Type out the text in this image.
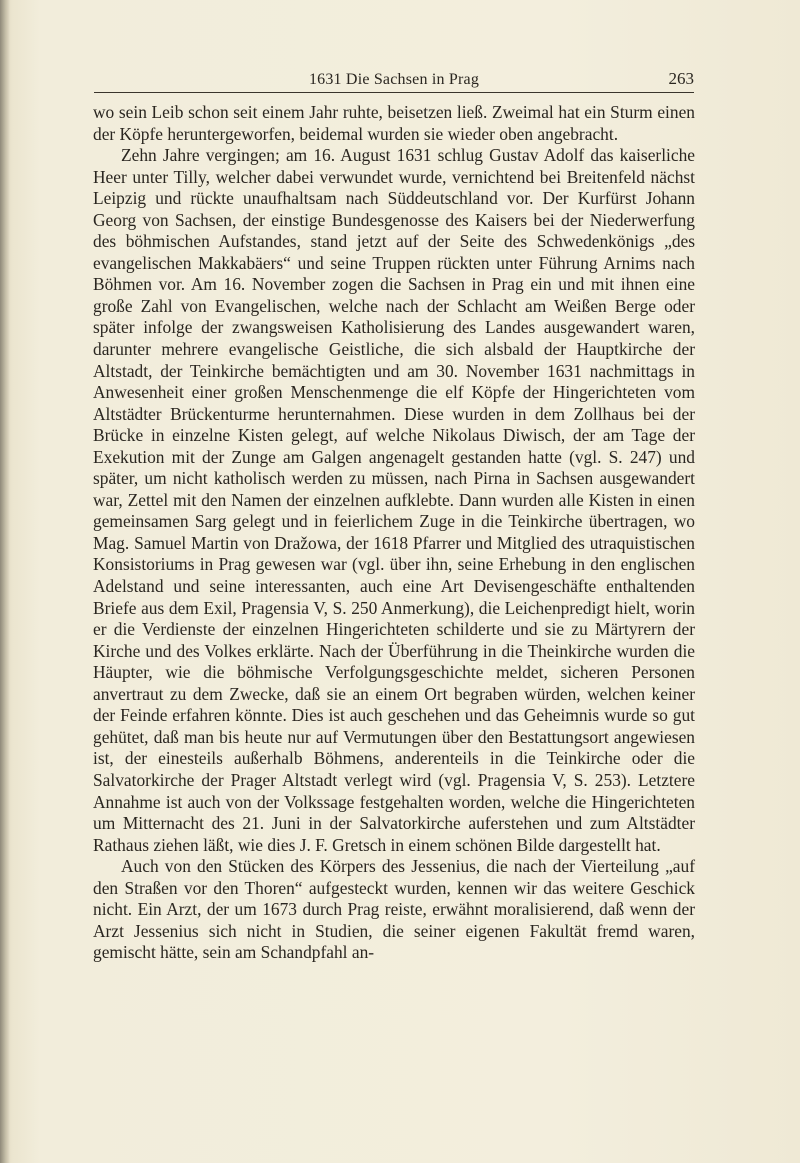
1631 Die Sachsen in Prag	263

wo sein Leib schon seit einem Jahr ruhte, beisetzen ließ. Zweimal hat ein Sturm einen der Köpfe heruntergeworfen, beidemal wurden sie wieder oben angebracht.

Zehn Jahre vergingen; am 16. August 1631 schlug Gustav Adolf das kaiserliche Heer unter Tilly, welcher dabei verwundet wurde, vernichtend bei Breitenfeld nächst Leipzig und rückte unaufhaltsam nach Süddeutschland vor. Der Kurfürst Johann Georg von Sachsen, der einstige Bundesgenosse des Kaisers bei der Niederwerfung des böhmischen Aufstandes, stand jetzt auf der Seite des Schwedenkönigs „des evangelischen Makkabäers“ und seine Truppen rückten unter Führung Arnims nach Böhmen vor. Am 16. November zogen die Sachsen in Prag ein und mit ihnen eine große Zahl von Evangelischen, welche nach der Schlacht am Weißen Berge oder später infolge der zwangsweisen Katholisierung des Landes ausgewandert waren, darunter mehrere evangelische Geistliche, die sich alsbald der Hauptkirche der Altstadt, der Teinkirche bemächtigten und am 30. November 1631 nachmittags in Anwesenheit einer großen Menschenmenge die elf Köpfe der Hingerichteten vom Altstädter Brückenturme herunternahmen. Diese wurden in dem Zollhaus bei der Brücke in einzelne Kisten gelegt, auf welche Nikolaus Diwisch, der am Tage der Exekution mit der Zunge am Galgen angenagelt gestanden hatte (vgl. S. 247) und später, um nicht katholisch werden zu müssen, nach Pirna in Sachsen ausgewandert war, Zettel mit den Namen der einzelnen aufklebte. Dann wurden alle Kisten in einen gemeinsamen Sarg gelegt und in feierlichem Zuge in die Teinkirche übertragen, wo Mag. Samuel Martin von Dražowa, der 1618 Pfarrer und Mitglied des utraquistischen Konsistoriums in Prag gewesen war (vgl. über ihn, seine Erhebung in den englischen Adelstand und seine interessanten, auch eine Art Devisengeschäfte enthaltenden Briefe aus dem Exil, Pragensia V, S. 250 Anmerkung), die Leichenpredigt hielt, worin er die Verdienste der einzelnen Hingerichteten schilderte und sie zu Märtyrern der Kirche und des Volkes erklärte. Nach der Überführung in die Theinkirche wurden die Häupter, wie die böhmische Verfolgungsgeschichte meldet, sicheren Personen anvertraut zu dem Zwecke, daß sie an einem Ort begraben würden, welchen keiner der Feinde erfahren könnte. Dies ist auch geschehen und das Geheimnis wurde so gut gehütet, daß man bis heute nur auf Vermutungen über den Bestattungsort angewiesen ist, der einesteils außerhalb Böhmens, anderenteils in die Teinkirche oder die Salvatorkirche der Prager Altstadt verlegt wird (vgl. Pragensia V, S. 253). Letztere Annahme ist auch von der Volkssage festgehalten worden, welche die Hingerichteten um Mitternacht des 21. Juni in der Salvatorkirche auferstehen und zum Altstädter Rathaus ziehen läßt, wie dies J. F. Gretsch in einem schönen Bilde dargestellt hat.

Auch von den Stücken des Körpers des Jessenius, die nach der Vierteilung „auf den Straßen vor den Thoren“ aufgesteckt wurden, kennen wir das weitere Geschick nicht. Ein Arzt, der um 1673 durch Prag reiste, erwähnt moralisierend, daß wenn der Arzt Jessenius sich nicht in Studien, die seiner eigenen Fakultät fremd waren, gemischt hätte, sein am Schandpfahl an-
